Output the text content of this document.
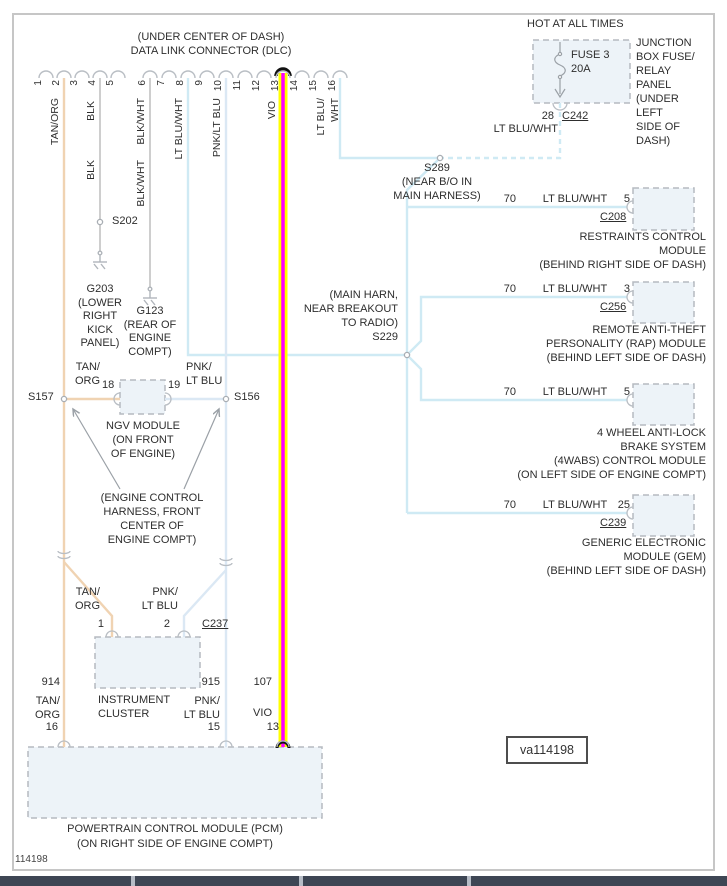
(UNDER CENTER OF DASH)
DATA LINK CONNECTOR (DLC)
1 2 3 4 5 6 7 8 9 10 11 12 13 14 15 16
TAN/ORG BLK	BLK/WHT LT BLU/WHT PNK/LT BLU	VIO	LT BLU/ WHT
HOT AT ALL TIMES
FUSE 3
20A
JUNCTION
BOX FUSE/
RELAY
PANEL
(UNDER
LEFT
SIDE OF
DASH)
28 C242
LT BLU/WHT
S289
(NEAR B/O IN
MAIN HARNESS)
(MAIN HARN,
NEAR BREAKOUT
TO RADIO)
S229
70	LT BLU/WHT	5
C208
RESTRAINTS CONTROL
MODULE
(BEHIND RIGHT SIDE OF DASH)
70	LT BLU/WHT	3
C256
REMOTE ANTI-THEFT
PERSONALITY (RAP) MODULE
(BEHIND LEFT SIDE OF DASH)
70	LT BLU/WHT	5
4 WHEEL ANTI-LOCK
BRAKE SYSTEM
(4WABS) CONTROL MODULE
(ON LEFT SIDE OF ENGINE COMPT)
70	LT BLU/WHT 25
C239
GENERIC ELECTRONIC
MODULE (GEM)
(BEHIND LEFT SIDE OF DASH)
S202
BLK	BLK/WHT
G203
(LOWER
RIGHT
KICK
PANEL)
G123
(REAR OF
ENGINE
COMPT)
S157
TAN/
ORG 18	19
PNK/
LT BLU
S156
NGV MODULE
(ON FRONT
OF ENGINE)
(ENGINE CONTROL
HARNESS, FRONT
CENTER OF
ENGINE COMPT)
TAN/
ORG
1
PNK/
LT BLU
2	C237
INSTRUMENT
CLUSTER
914
TAN/
ORG
16
915
PNK/
LT BLU
15
107
VIO
13
POWERTRAIN CONTROL MODULE (PCM)
(ON RIGHT SIDE OF ENGINE COMPT)
va114198
114198
